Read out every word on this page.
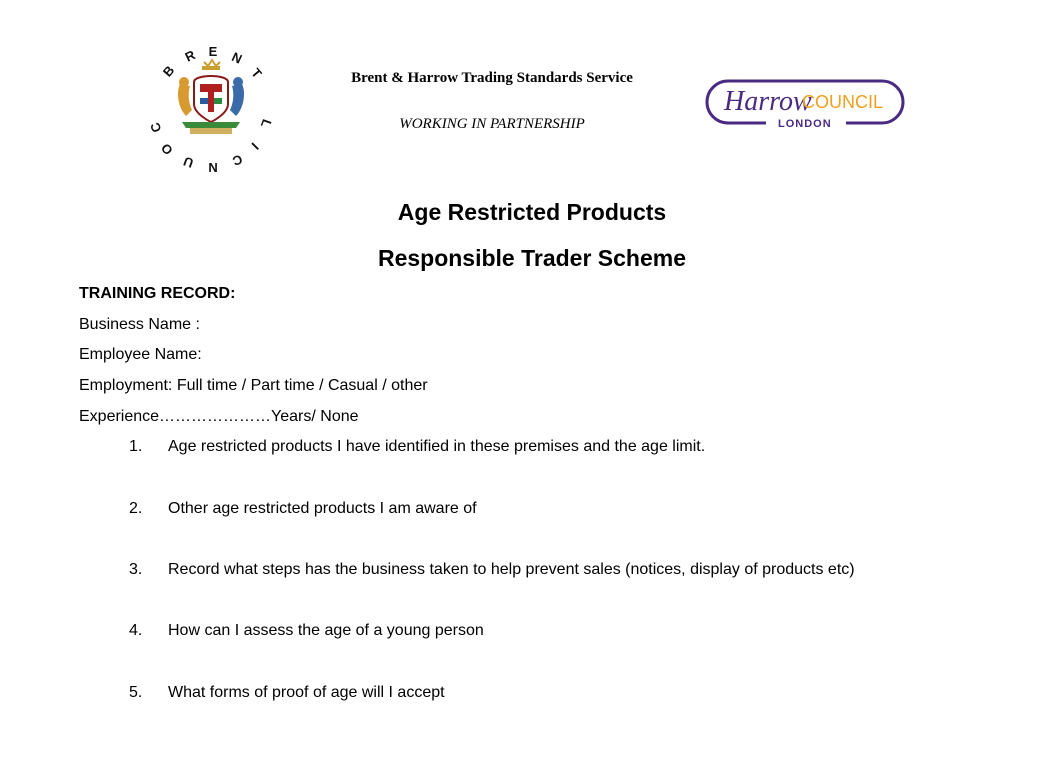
B
R E N
T
C
O
U N C
I
L
Brent & Harrow Trading Standards Service
WORKING IN PARTNERSHIP
Harrow
COUNCIL
LONDON
Age Restricted Products
Responsible Trader Scheme
TRAINING RECORD:
Business Name :
Employee Name:
Employment: Full time / Part time / Casual / other
Experience…………………Years/ None
1. Age restricted products I have identified in these premises and the age limit.
2. Other age restricted products I am aware of
3. Record what steps has the business taken to help prevent sales (notices, display of products etc)
4. How can I assess the age of a young person
5. What forms of proof of age will I accept
